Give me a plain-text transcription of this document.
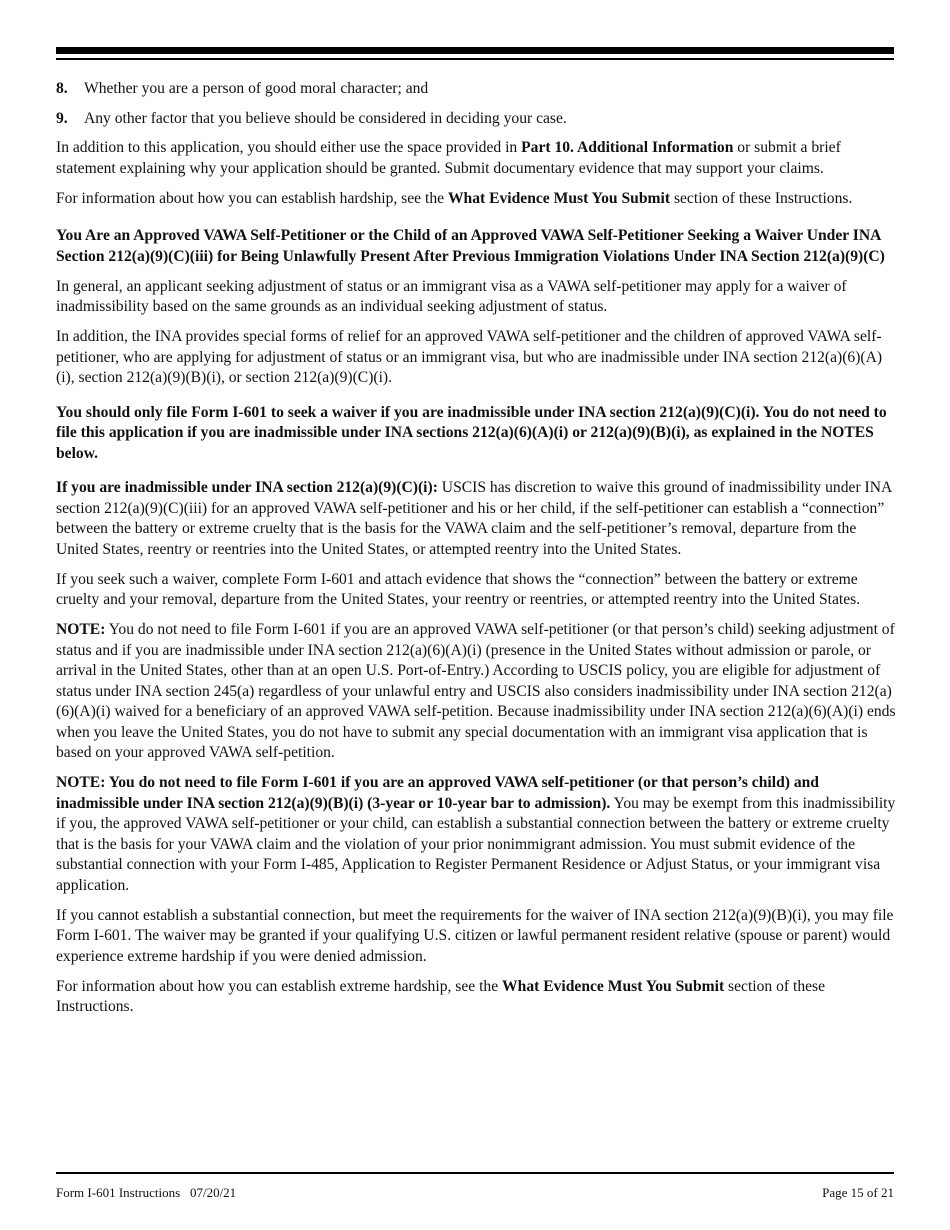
8.	Whether you are a person of good moral character; and
9.	Any other factor that you believe should be considered in deciding your case.

In addition to this application, you should either use the space provided in Part 10. Additional Information or submit a brief statement explaining why your application should be granted. Submit documentary evidence that may support your claims.

For information about how you can establish hardship, see the What Evidence Must You Submit section of these Instructions.

You Are an Approved VAWA Self-Petitioner or the Child of an Approved VAWA Self-Petitioner Seeking a Waiver Under INA Section 212(a)(9)(C)(iii) for Being Unlawfully Present After Previous Immigration Violations Under INA Section 212(a)(9)(C)

In general, an applicant seeking adjustment of status or an immigrant visa as a VAWA self-petitioner may apply for a waiver of inadmissibility based on the same grounds as an individual seeking adjustment of status.

In addition, the INA provides special forms of relief for an approved VAWA self-petitioner and the children of approved VAWA self-petitioner, who are applying for adjustment of status or an immigrant visa, but who are inadmissible under INA section 212(a)(6)(A)(i), section 212(a)(9)(B)(i), or section 212(a)(9)(C)(i).

You should only file Form I-601 to seek a waiver if you are inadmissible under INA section 212(a)(9)(C)(i). You do not need to file this application if you are inadmissible under INA sections 212(a)(6)(A)(i) or 212(a)(9)(B)(i), as explained in the NOTES below.

If you are inadmissible under INA section 212(a)(9)(C)(i): USCIS has discretion to waive this ground of inadmissibility under INA section 212(a)(9)(C)(iii) for an approved VAWA self-petitioner and his or her child, if the self-petitioner can establish a “connection” between the battery or extreme cruelty that is the basis for the VAWA claim and the self-petitioner’s removal, departure from the United States, reentry or reentries into the United States, or attempted reentry into the United States.

If you seek such a waiver, complete Form I-601 and attach evidence that shows the “connection” between the battery or extreme cruelty and your removal, departure from the United States, your reentry or reentries, or attempted reentry into the United States.

NOTE: You do not need to file Form I-601 if you are an approved VAWA self-petitioner (or that person’s child) seeking adjustment of status and if you are inadmissible under INA section 212(a)(6)(A)(i) (presence in the United States without admission or parole, or arrival in the United States, other than at an open U.S. Port-of-Entry.) According to USCIS policy, you are eligible for adjustment of status under INA section 245(a) regardless of your unlawful entry and USCIS also considers inadmissibility under INA section 212(a)(6)(A)(i) waived for a beneficiary of an approved VAWA self-petition. Because inadmissibility under INA section 212(a)(6)(A)(i) ends when you leave the United States, you do not have to submit any special documentation with an immigrant visa application that is based on your approved VAWA self-petition.

NOTE: You do not need to file Form I-601 if you are an approved VAWA self-petitioner (or that person’s child) and inadmissible under INA section 212(a)(9)(B)(i) (3-year or 10-year bar to admission). You may be exempt from this inadmissibility if you, the approved VAWA self-petitioner or your child, can establish a substantial connection between the battery or extreme cruelty that is the basis for your VAWA claim and the violation of your prior nonimmigrant admission. You must submit evidence of the substantial connection with your Form I-485, Application to Register Permanent Residence or Adjust Status, or your immigrant visa application.

If you cannot establish a substantial connection, but meet the requirements for the waiver of INA section 212(a)(9)(B)(i), you may file Form I-601. The waiver may be granted if your qualifying U.S. citizen or lawful permanent resident relative (spouse or parent) would experience extreme hardship if you were denied admission.

For information about how you can establish extreme hardship, see the What Evidence Must You Submit section of these Instructions.

Form I-601 Instructions   07/20/21	Page 15 of 21
